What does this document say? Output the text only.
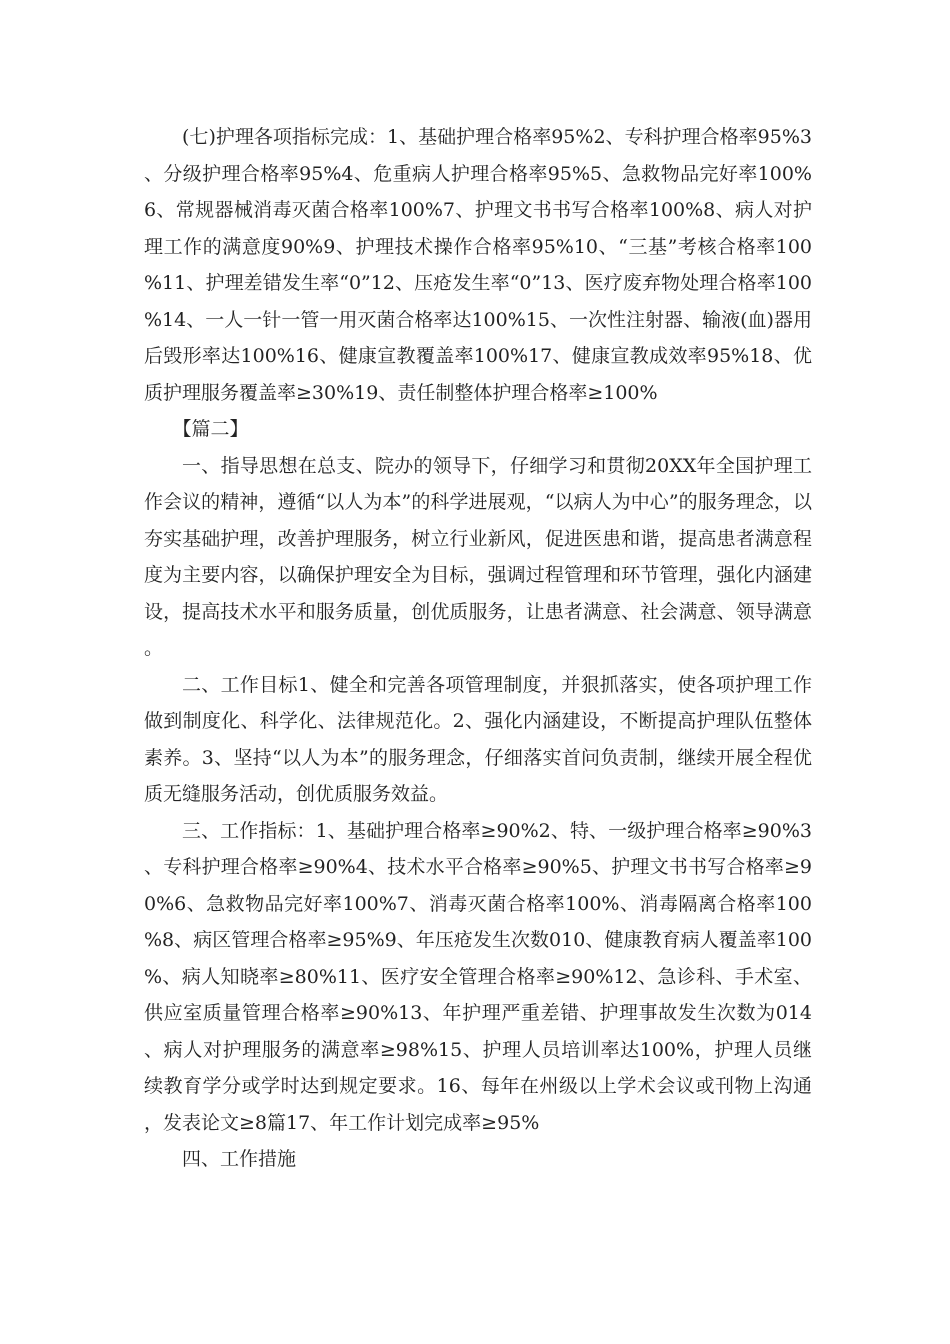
(七)护理各项指标完成：1、基础护理合格率95%2、专科护理合格率95%3、分级护理合格率95%4、危重病人护理合格率95%5、急救物品完好率100%6、常规器械消毒灭菌合格率100%7、护理文书书写合格率100%8、病人对护理工作的满意度90%9、护理技术操作合格率95%10、“三基”考核合格率100%11、护理差错发生率“0”12、压疮发生率“0”13、医疗废弃物处理合格率100%14、一人一针一管一用灭菌合格率达100%15、一次性注射器、输液(血)器用后毁形率达100%16、健康宣教覆盖率100%17、健康宣教成效率95%18、优质护理服务覆盖率≥30%19、责任制整体护理合格率≥100%

【篇二】

一、指导思想在总支、院办的领导下，仔细学习和贯彻20XX年全国护理工作会议的精神，遵循“以人为本”的科学进展观，“以病人为中心”的服务理念，以夯实基础护理，改善护理服务，树立行业新风，促进医患和谐，提高患者满意程度为主要内容，以确保护理安全为目标，强调过程管理和环节管理，强化内涵建设，提高技术水平和服务质量，创优质服务，让患者满意、社会满意、领导满意。

二、工作目标1、健全和完善各项管理制度，并狠抓落实，使各项护理工作做到制度化、科学化、法律规范化。2、强化内涵建设，不断提高护理队伍整体素养。3、坚持“以人为本”的服务理念，仔细落实首问负责制，继续开展全程优质无缝服务活动，创优质服务效益。

三、工作指标：1、基础护理合格率≥90%2、特、一级护理合格率≥90%3、专科护理合格率≥90%4、技术水平合格率≥90%5、护理文书书写合格率≥90%6、急救物品完好率100%7、消毒灭菌合格率100%、消毒隔离合格率100%8、病区管理合格率≥95%9、年压疮发生次数010、健康教育病人覆盖率100%、病人知晓率≥80%11、医疗安全管理合格率≥90%12、急诊科、手术室、供应室质量管理合格率≥90%13、年护理严重差错、护理事故发生次数为014、病人对护理服务的满意率≥98%15、护理人员培训率达100%，护理人员继续教育学分或学时达到规定要求。16、每年在州级以上学术会议或刊物上沟通，发表论文≥8篇17、年工作计划完成率≥95%

四、工作措施
